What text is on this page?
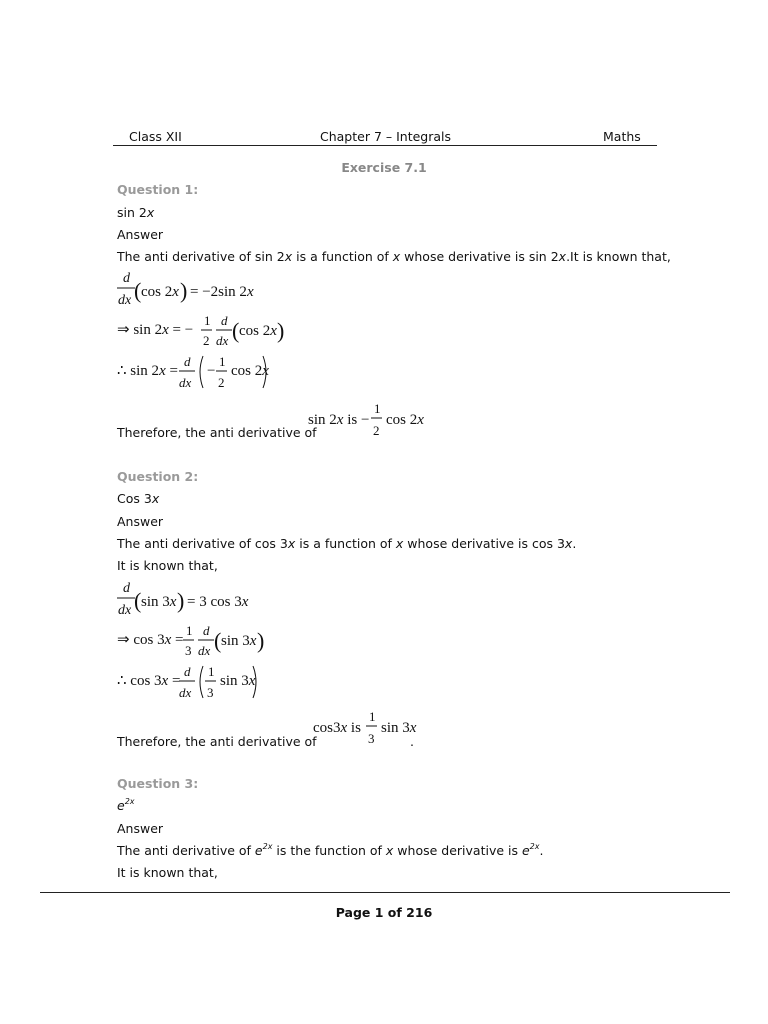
Class XII	Chapter 7 – Integrals	Maths
Exercise 7.1
Question 1:
sin 2x
Answer
The anti derivative of sin 2x is a function of x whose derivative is sin 2x.It is known that,
d
dx ( cos 2x ) = −2sin 2x
⇒ sin 2x = −
1
2
d
dx ( cos 2x )
∴ sin 2x =
d
dx
−
1
2
cos 2x
Therefore, the anti derivative of
sin 2x is −
1
2
cos 2x
Question 2:
Cos 3x
Answer
The anti derivative of cos 3x is a function of x whose derivative is cos 3x.
It is known that,
d
dx ( sin 3x ) = 3 cos 3x
⇒ cos 3x =
1
3
d
dx ( sin 3x )
∴ cos 3x =
d
dx
1
3
sin 3x
Therefore, the anti derivative of
cos3x is
1
3
sin 3x
.
Question 3:
$e^{2x}$
Answer
The anti derivative of $e^{2x}$ is the function of x whose derivative is $e^{2x}$.
It is known that,
Page 1 of 216
